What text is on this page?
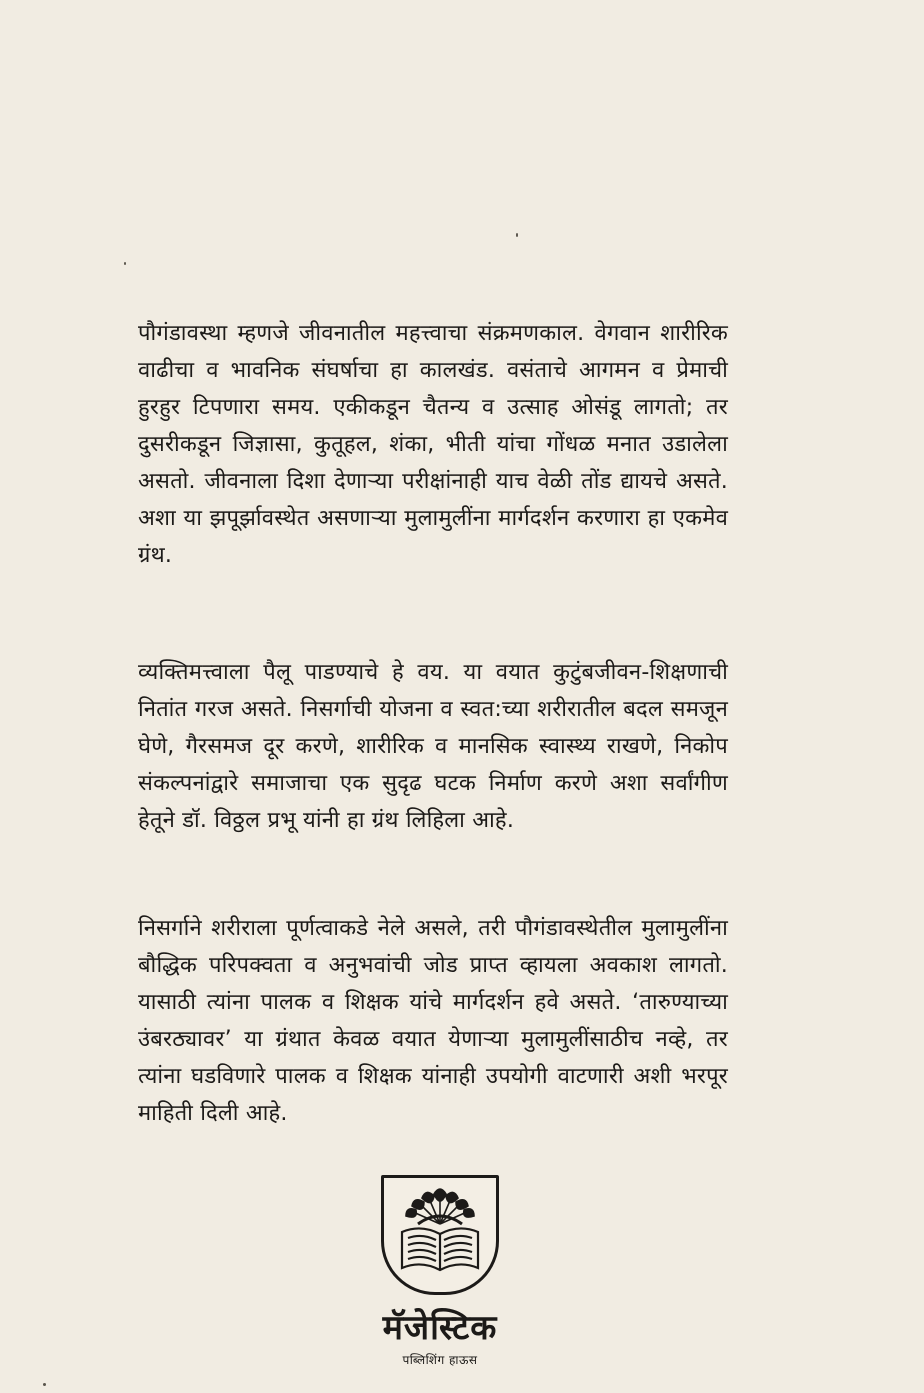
पौगंडावस्था म्हणजे जीवनातील महत्त्वाचा संक्रमणकाल. वेगवान शारीरिक वाढीचा व भावनिक संघर्षाचा हा कालखंड. वसंताचे आगमन व प्रेमाची हुरहुर टिपणारा समय. एकीकडून चैतन्य व उत्साह ओसंडू लागतो; तर दुसरीकडून जिज्ञासा, कुतूहल, शंका, भीती यांचा गोंधळ मनात उडालेला असतो. जीवनाला दिशा देणाऱ्या परीक्षांनाही याच वेळी तोंड द्यायचे असते. अशा या झपूर्झावस्थेत असणाऱ्या मुलामुलींना मार्गदर्शन करणारा हा एकमेव ग्रंथ.

व्यक्तिमत्त्वाला पैलू पाडण्याचे हे वय. या वयात कुटुंबजीवन-शिक्षणाची नितांत गरज असते. निसर्गाची योजना व स्वत:च्या शरीरातील बदल समजून घेणे, गैरसमज दूर करणे, शारीरिक व मानसिक स्वास्थ्य राखणे, निकोप संकल्पनांद्वारे समाजाचा एक सुदृढ घटक निर्माण करणे अशा सर्वांगीण हेतूने डॉ. विठ्ठल प्रभू यांनी हा ग्रंथ लिहिला आहे.

निसर्गाने शरीराला पूर्णत्वाकडे नेले असले, तरी पौगंडावस्थेतील मुलामुलींना बौद्धिक परिपक्वता व अनुभवांची जोड प्राप्त व्हायला अवकाश लागतो. यासाठी त्यांना पालक व शिक्षक यांचे मार्गदर्शन हवे असते. ‘तारुण्याच्या उंबरठ्यावर’ या ग्रंथात केवळ वयात येणाऱ्या मुलामुलींसाठीच नव्हे, तर त्यांना घडविणारे पालक व शिक्षक यांनाही उपयोगी वाटणारी अशी भरपूर माहिती दिली आहे.

मॅजेस्टिक
पब्लिशिंग हाऊस
